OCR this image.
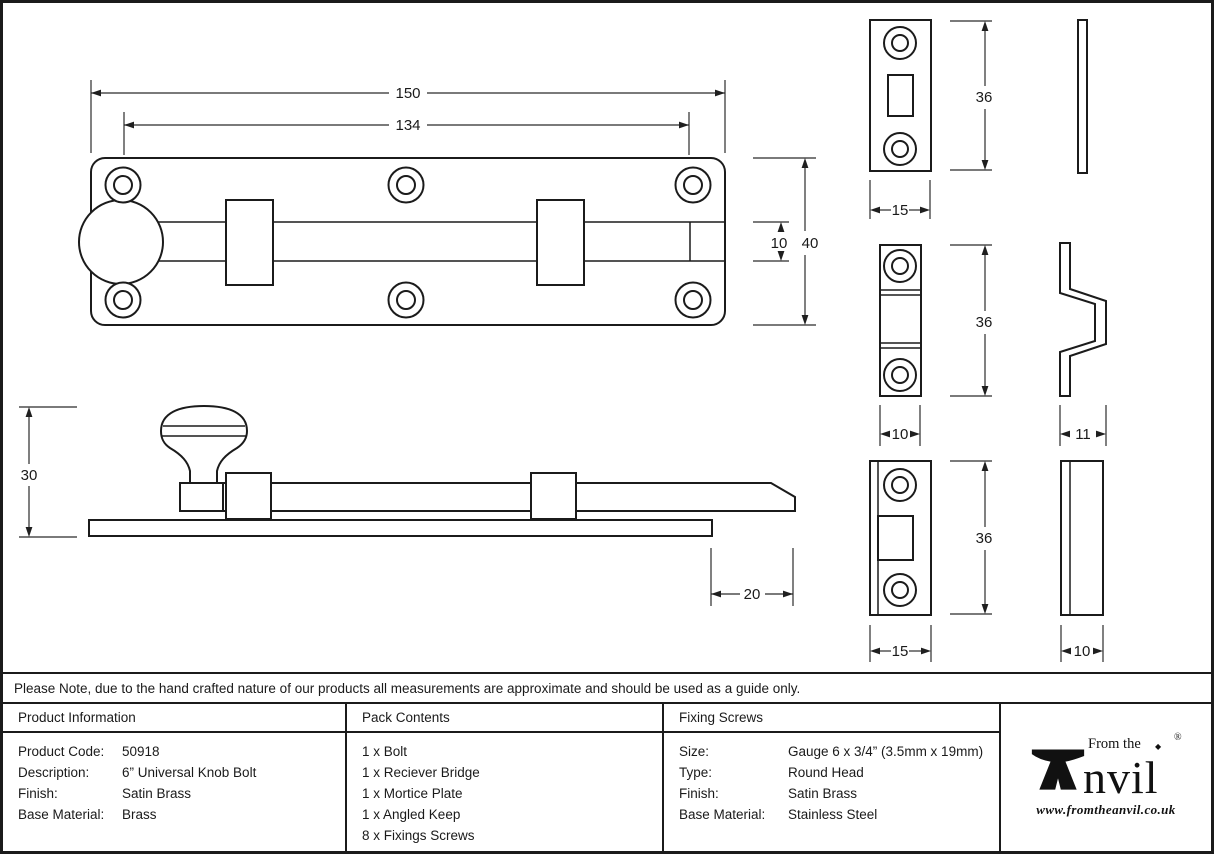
150
134
40
10
30
20
36
15
36
10	11
36
15	10
Please Note, due to the hand crafted nature of our products all measurements are approximate and should be used as a guide only.
Product Information
Product Code:	50918
Description:	6” Universal Knob Bolt
Finish:	Satin Brass
Base Material:	Brass
Pack Contents
1 x Bolt
1 x Reciever Bridge
1 x Mortice Plate
1 x Angled Keep
8 x Fixings Screws
Fixing Screws
Size:	Gauge 6 x 3/4” (3.5mm x 19mm)
Type:	Round Head
Finish:	Satin Brass
Base Material:	Stainless Steel
From the ◆
nvil
®
www.fromtheanvil.co.uk
